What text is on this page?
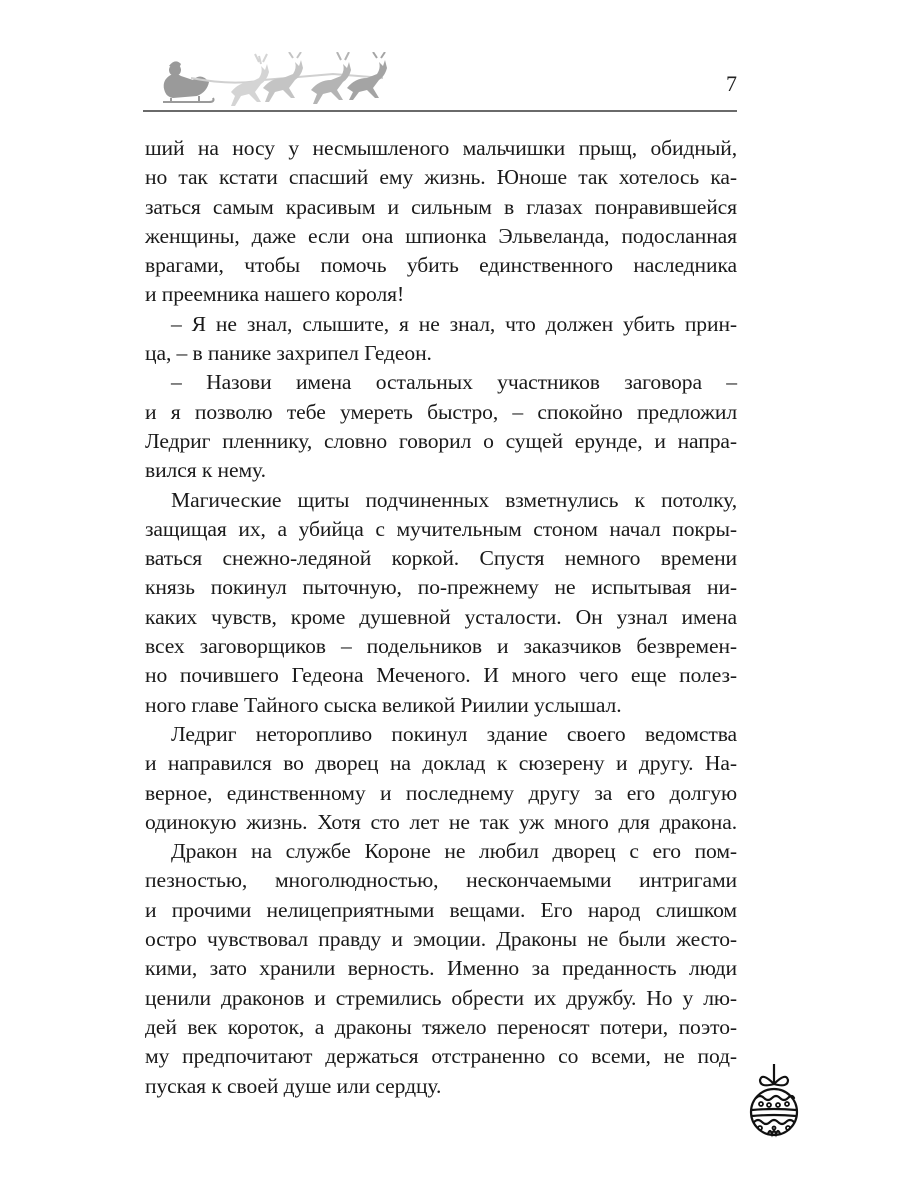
7
ший на носу у несмышленого мальчишки прыщ, обидный,
но так кстати спасший ему жизнь. Юноше так хотелось ка-
заться самым красивым и сильным в глазах понравившейся
женщины, даже если она шпионка Эльвеланда, подосланная
врагами, чтобы помочь убить единственного наследника
и преемника нашего короля!
– Я не знал, слышите, я не знал, что должен убить прин-
ца, – в панике захрипел Гедеон.
– Назови имена остальных участников заговора –
и я позволю тебе умереть быстро, – спокойно предложил
Ледриг пленнику, словно говорил о сущей ерунде, и напра-
вился к нему.
Магические щиты подчиненных взметнулись к потолку,
защищая их, а убийца с мучительным стоном начал покры-
ваться снежно-ледяной коркой. Спустя немного времени
князь покинул пыточную, по-прежнему не испытывая ни-
каких чувств, кроме душевной усталости. Он узнал имена
всех заговорщиков – подельников и заказчиков безвремен-
но почившего Гедеона Меченого. И много чего еще полез-
ного главе Тайного сыска великой Риилии услышал.
Ледриг неторопливо покинул здание своего ведомства
и направился во дворец на доклад к сюзерену и другу. На-
верное, единственному и последнему другу за его долгую
одинокую жизнь. Хотя сто лет не так уж много для дракона.
Дракон на службе Короне не любил дворец с его пом-
пезностью, многолюдностью, нескончаемыми интригами
и прочими нелицеприятными вещами. Его народ слишком
остро чувствовал правду и эмоции. Драконы не были жесто-
кими, зато хранили верность. Именно за преданность люди
ценили драконов и стремились обрести их дружбу. Но у лю-
дей век короток, а драконы тяжело переносят потери, поэто-
му предпочитают держаться отстраненно со всеми, не под-
пуская к своей душе или сердцу.
